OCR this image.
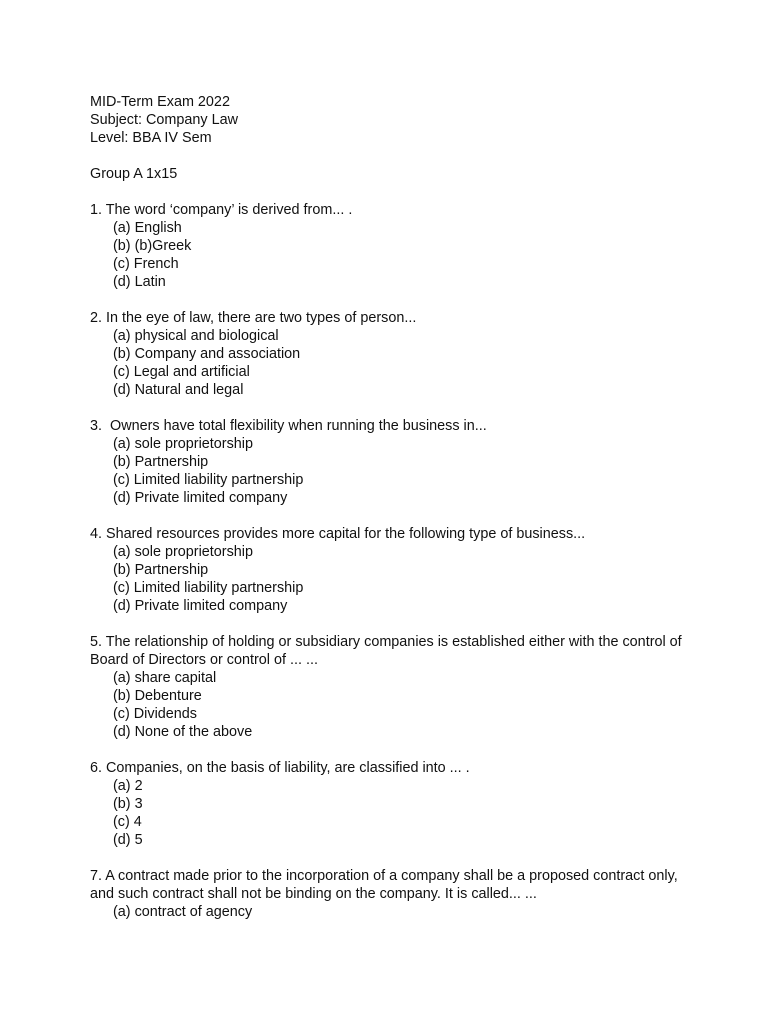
MID-Term Exam 2022

Subject: Company Law

Level: BBA IV Sem

Group A 1x15

1. The word ‘company’ is derived from... .

(a) English
(b) (b)Greek
(c) French
(d) Latin

2. In the eye of law, there are two types of person...

(a) physical and biological
(b) Company and association
(c) Legal and artificial
(d) Natural and legal

3.  Owners have total flexibility when running the business in...

(a) sole proprietorship
(b) Partnership
(c) Limited liability partnership
(d) Private limited company

4. Shared resources provides more capital for the following type of business...

(a) sole proprietorship
(b) Partnership
(c) Limited liability partnership
(d) Private limited company

5. The relationship of holding or subsidiary companies is established either with the control of Board of Directors or control of ... ...

(a) share capital
(b) Debenture
(c) Dividends
(d) None of the above

6. Companies, on the basis of liability, are classified into ... .

(a) 2
(b) 3
(c) 4
(d) 5

7. A contract made prior to the incorporation of a company shall be a proposed contract only, and such contract shall not be binding on the company. It is called... ...

(a) contract of agency
